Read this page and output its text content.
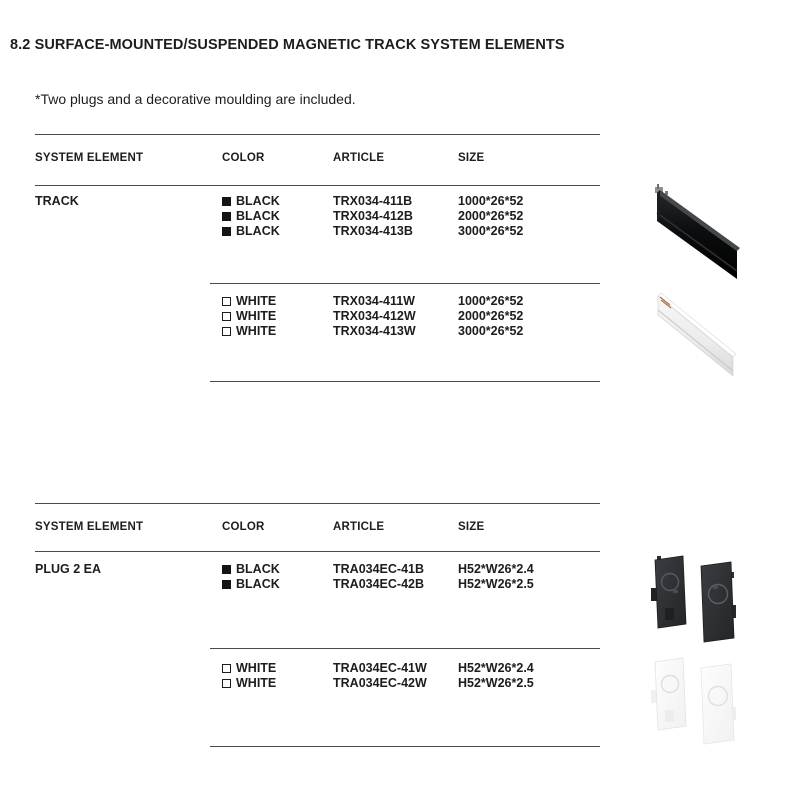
8.2 SURFACE-MOUNTED/SUSPENDED MAGNETIC TRACK SYSTEM ELEMENTS

*Two plugs and a decorative moulding are included.

SYSTEM ELEMENT	COLOR	ARTICLE	SIZE
TRACK	BLACK	TRX034-411B	1000*26*52
BLACK	TRX034-412B	2000*26*52
BLACK	TRX034-413B	3000*26*52
WHITE	TRX034-411W	1000*26*52
WHITE	TRX034-412W	2000*26*52
WHITE	TRX034-413W	3000*26*52
SYSTEM ELEMENT	COLOR	ARTICLE	SIZE
PLUG 2 EA	BLACK	TRA034EC-41B	H52*W26*2.4
BLACK	TRA034EC-42B	H52*W26*2.5
WHITE	TRA034EC-41W H52*W26*2.4
WHITE	TRA034EC-42W H52*W26*2.5
